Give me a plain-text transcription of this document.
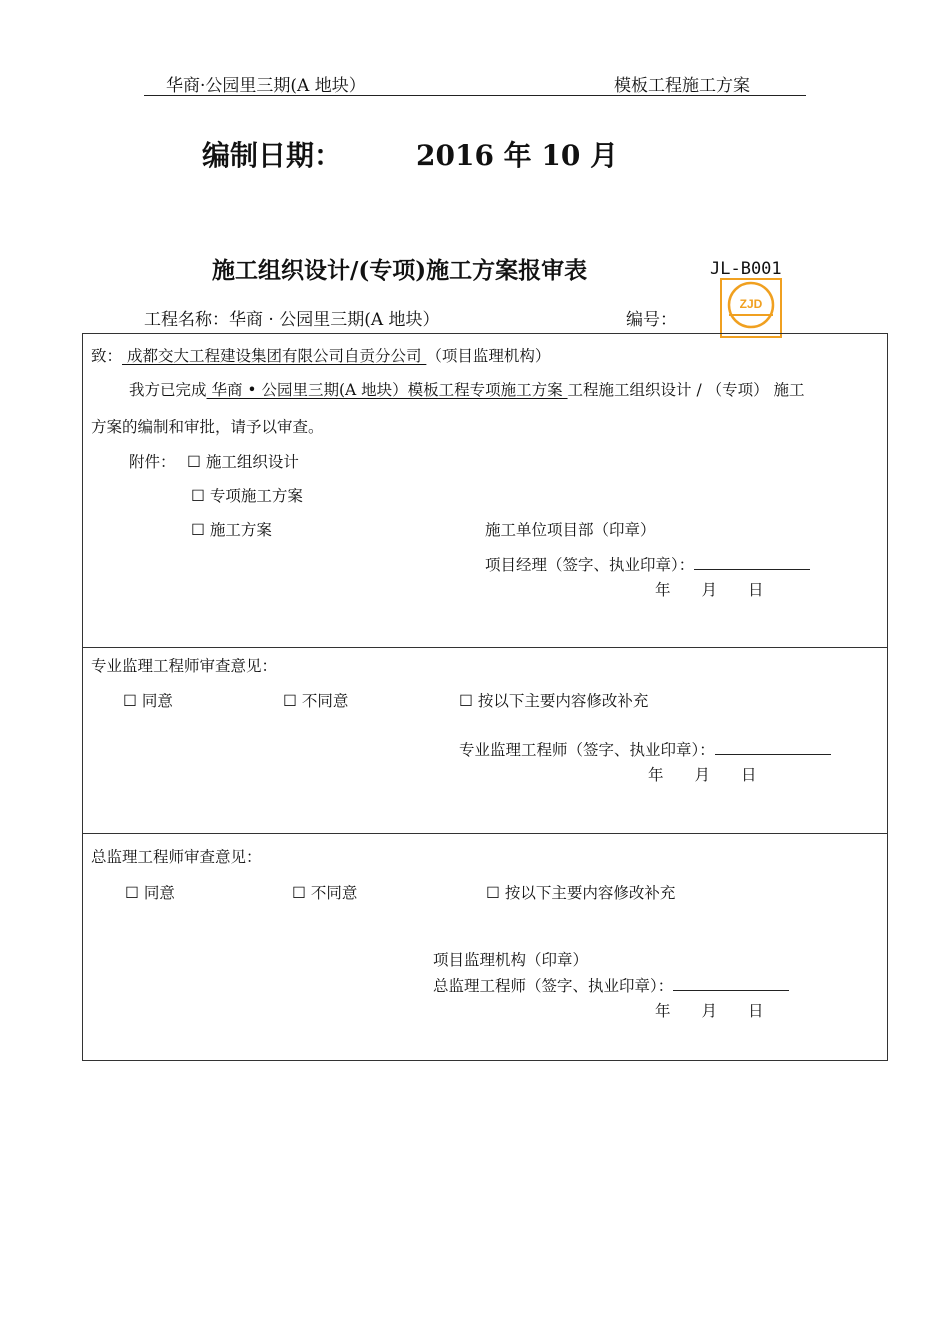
华商·公园里三期(A 地块）	模板工程施工方案
编制日期：	2016 年 10 月
施工组织设计/(专项)施工方案报审表	JL-B001
ZJD
工程名称：华商 · 公园里三期(A 地块）	编号：
致： 成都交大工程建设集团有限公司自贡分公司 （项目监理机构）
我方已完成 华商 • 公园里三期(A 地块）模板工程专项施工方案 工程施工组织设计 / （专项） 施工
方案的编制和审批，请予以审查。
附件： ☐ 施工组织设计
☐ 专项施工方案
☐ 施工方案	施工单位项目部（印章）
项目经理（签字、执业印章）：
年　　月　　日
专业监理工程师审查意见：
☐ 同意	☐ 不同意	☐ 按以下主要内容修改补充
专业监理工程师（签字、执业印章）：
年　　月　　日
总监理工程师审查意见：
☐ 同意	☐ 不同意	☐ 按以下主要内容修改补充
项目监理机构（印章）
总监理工程师（签字、执业印章）：
年　　月　　日
